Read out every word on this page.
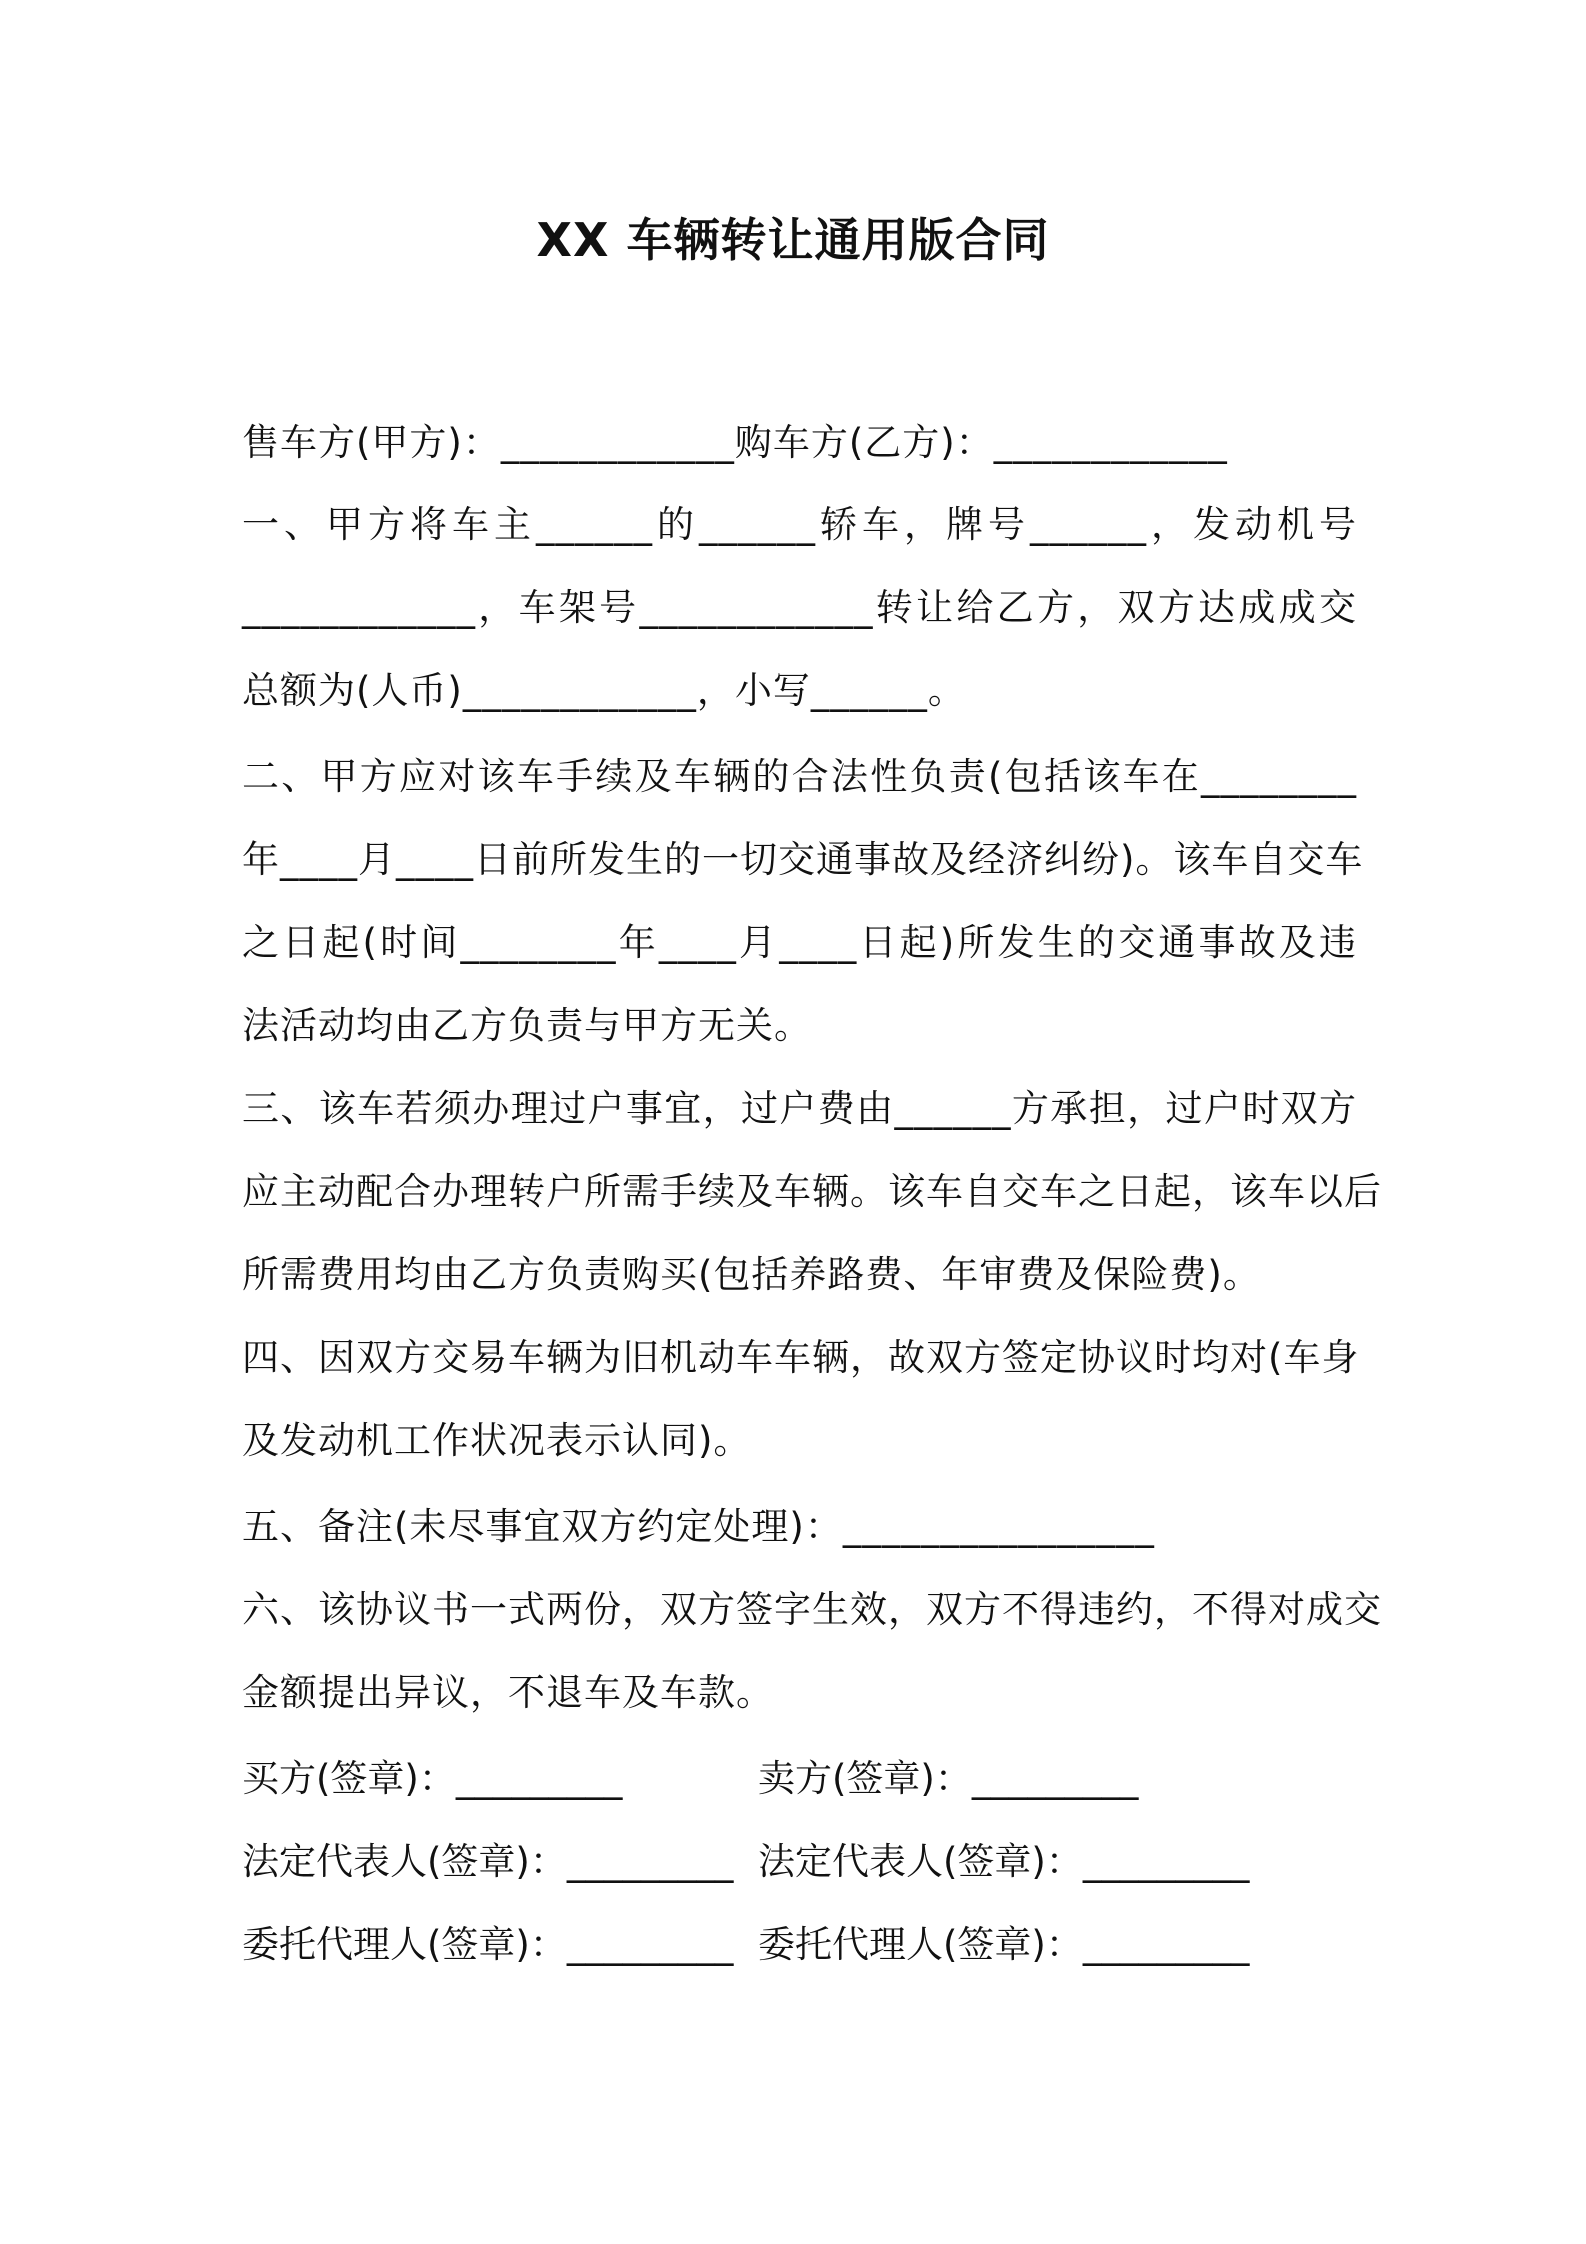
XX 车辆转让通用版合同
售车方(甲方)：____________购车方(乙方)：____________
一、甲方将车主______的______轿车，牌号______，发动机号
____________，车架号____________转让给乙方，双方达成成交
总额为(人币)____________，小写______。
二、甲方应对该车手续及车辆的合法性负责(包括该车在________
年____月____日前所发生的一切交通事故及经济纠纷)。该车自交车
之日起(时间________年____月____日起)所发生的交通事故及违
法活动均由乙方负责与甲方无关。
三、该车若须办理过户事宜，过户费由______方承担，过户时双方
应主动配合办理转户所需手续及车辆。该车自交车之日起，该车以后
所需费用均由乙方负责购买(包括养路费、年审费及保险费)。
四、因双方交易车辆为旧机动车车辆，故双方签定协议时均对(车身
及发动机工作状况表示认同)。
五、备注(未尽事宜双方约定处理)：________________
六、该协议书一式两份，双方签字生效，双方不得违约，不得对成交
金额提出异议，不退车及车款。
买方(签章)：_________	卖方(签章)：_________
法定代表人(签章)：_________ 法定代表人(签章)：_________
委托代理人(签章)：_________ 委托代理人(签章)：_________
